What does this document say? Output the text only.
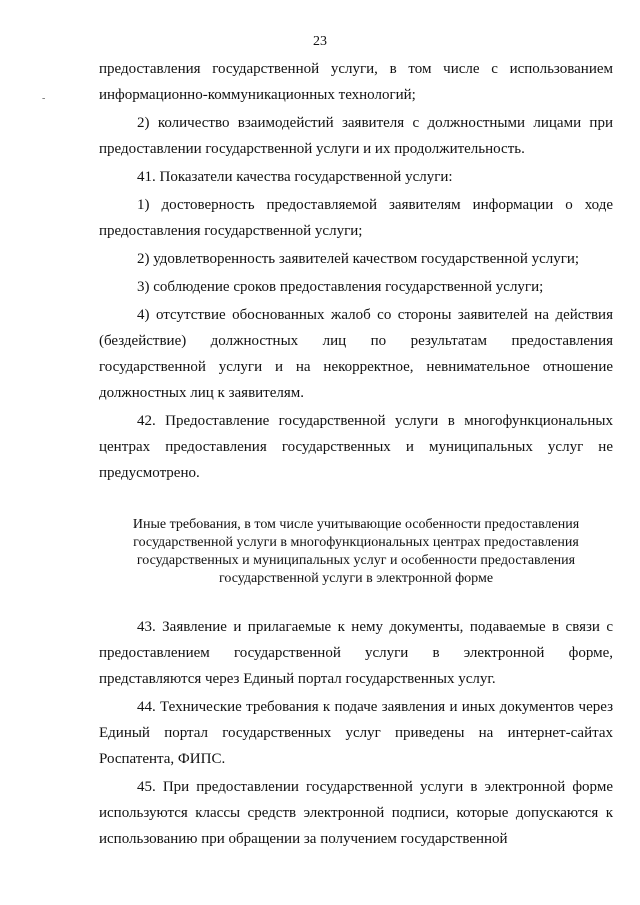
23

предоставления государственной услуги, в том числе с использованием информационно-коммуникационных технологий;

2) количество взаимодейстий заявителя с должностными лицами при предоставлении государственной услуги и их продолжительность.

41. Показатели качества государственной услуги:

1) достоверность предоставляемой заявителям информации о ходе предоставления государственной услуги;

2) удовлетворенность заявителей качеством государственной услуги;

3) соблюдение сроков предоставления государственной услуги;

4) отсутствие обоснованных жалоб со стороны заявителей на действия (бездействие) должностных лиц по результатам предоставления государственной услуги и на некорректное, невнимательное отношение должностных лиц к заявителям.

42. Предоставление государственной услуги в многофункциональных центрах предоставления государственных и муниципальных услуг не предусмотрено.

Иные требования, в том числе учитывающие особенности предоставления государственной услуги в многофункциональных центрах предоставления государственных и муниципальных услуг и особенности предоставления государственной услуги в электронной форме

43. Заявление и прилагаемые к нему документы, подаваемые в связи с предоставлением государственной услуги в электронной форме, представляются через Единый портал государственных услуг.

44. Технические требования к подаче заявления и иных документов через Единый портал государственных услуг приведены на интернет-сайтах Роспатента, ФИПС.

45. При предоставлении государственной услуги в электронной форме используются классы средств электронной подписи, которые допускаются к использованию при обращении за получением государственной

-
